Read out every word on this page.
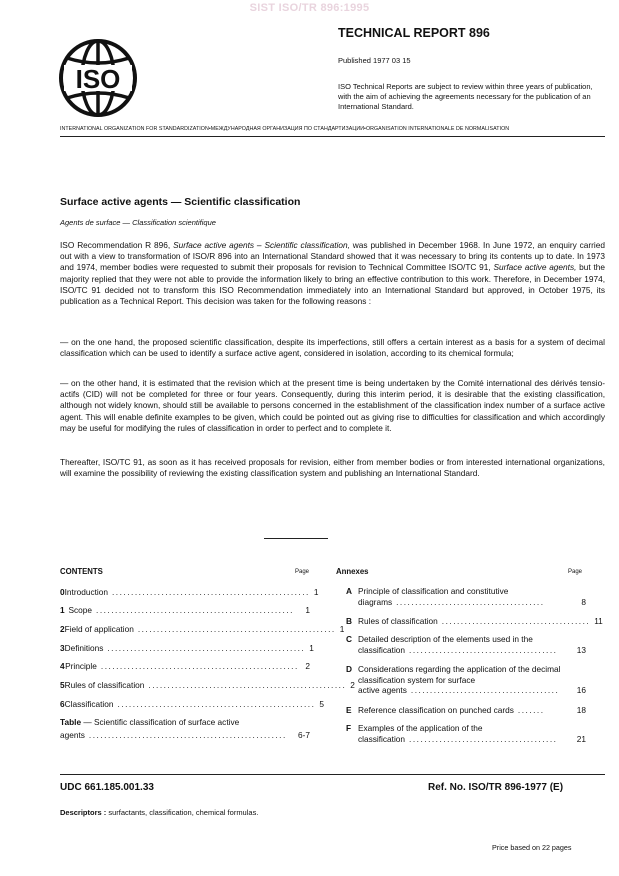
SIST ISO/TR 896:1995
ISO
TECHNICAL REPORT 896
Published 1977 03 15
ISO Technical Reports are subject to review within three years of publication, with the aim of achieving the agreements necessary for the publication of an International Standard.
INTERNATIONAL ORGANIZATION FOR STANDARDIZATION•МЕЖДУНАРОДНАЯ ОРГАНИЗАЦИЯ ПО СТАНДАРТИЗАЦИИ•ORGANISATION INTERNATIONALE DE NORMALISATION
Surface active agents — Scientific classification
Agents de surface — Classification scientifique
ISO Recommendation R 896, Surface active agents – Scientific classification, was published in December 1968. In June 1972, an enquiry carried out with a view to transformation of ISO/R 896 into an International Standard showed that it was necessary to bring its contents up to date. In 1973 and 1974, member bodies were requested to submit their proposals for revision to Technical Committee ISO/TC 91, Surface active agents, but the majority replied that they were not able to provide the information likely to bring an effective contribution to this work. Therefore, in December 1974, ISO/TC 91 decided not to transform this ISO Recommendation immediately into an International Standard but approved, in October 1975, its publication as a Technical Report. This decision was taken for the following reasons :
— on the one hand, the proposed scientific classification, despite its imperfections, still offers a certain interest as a basis for a system of decimal classification which can be used to identify a surface active agent, considered in isolation, according to its chemical formula;
— on the other hand, it is estimated that the revision which at the present time is being undertaken by the Comité international des dérivés tensio-actifs (CID) will not be completed for three or four years. Consequently, during this interim period, it is desirable that the existing classification, although not widely known, should still be available to persons concerned in the establishment of the classification index number of a surface active agent. This will enable definite examples to be given, which could be pointed out as giving rise to difficulties for classification and which accordingly may be useful for modifying the rules of classification in order to perfect and to complete it.
Thereafter, ISO/TC 91, as soon as it has received proposals for revision, either from member bodies or from interested international organizations, will examine the possibility of reviewing the existing classification system and publishing an International Standard.
CONTENTS	Page
0 Introduction .................................................... 1
1 Scope ....................................................	1
2 Field of application .................................................... 1
3 Definitions .................................................... 1
4 Principle .................................................... 2
5 Rules of classification .................................................... 2
6 Classification .................................................... 5
Table — Scientific classification of surface active
agents ....................................................	6-7
Annexes	Page
A Principle of classification and constitutive
diagrams .......................................	8
B Rules of classification ....................................... 11
C Detailed description of the elements used in the
classification .......................................	13
D Considerations regarding the application of the decimal classification system for surface
active agents .......................................	16
E Reference classification on punched cards .......	18
F Examples of the application of the
classification .......................................	21
UDC 661.185.001.33	Ref. No. ISO/TR 896-1977 (E)
Descriptors : surfactants, classification, chemical formulas.
Price based on 22 pages
